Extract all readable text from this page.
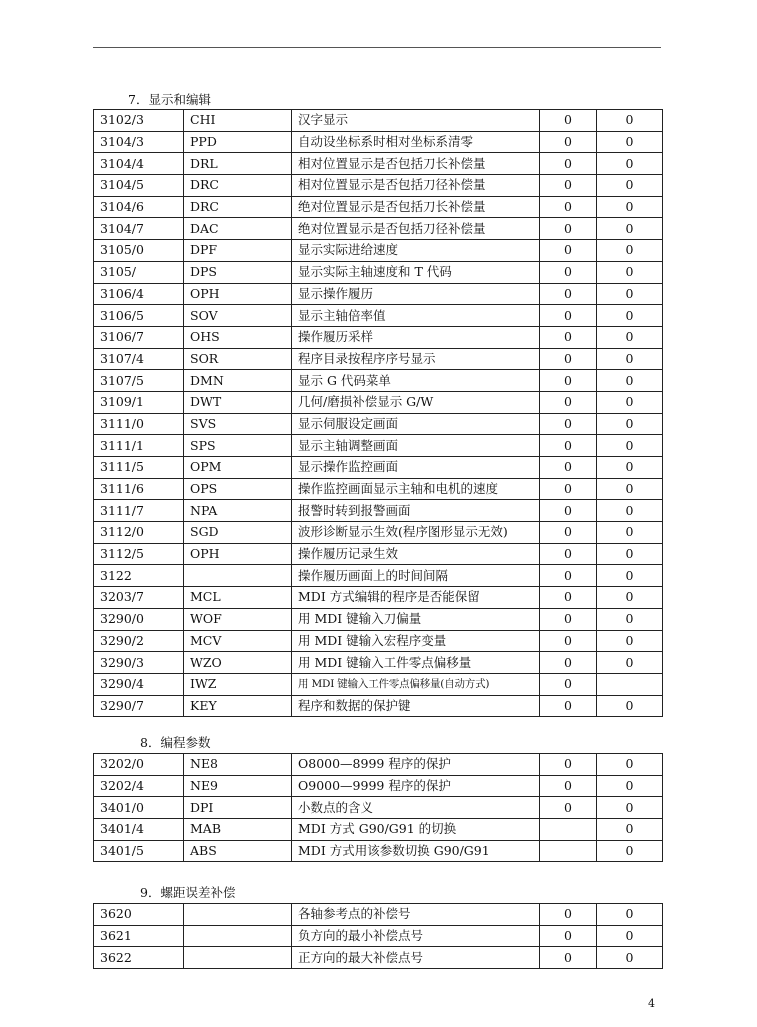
7．显示和编辑
3102/3	CHI	汉字显示	0	0
3104/3	PPD	自动设坐标系时相对坐标系清零	0	0
3104/4	DRL	相对位置显示是否包括刀长补偿量	0	0
3104/5	DRC	相对位置显示是否包括刀径补偿量	0	0
3104/6	DRC	绝对位置显示是否包括刀长补偿量	0	0
3104/7	DAC	绝对位置显示是否包括刀径补偿量	0	0
3105/0	DPF	显示实际进给速度	0	0
3105/	DPS	显示实际主轴速度和 T 代码	0	0
3106/4	OPH	显示操作履历	0	0
3106/5	SOV	显示主轴倍率值	0	0
3106/7	OHS	操作履历采样	0	0
3107/4	SOR	程序目录按程序序号显示	0	0
3107/5	DMN	显示 G 代码菜单	0	0
3109/1	DWT	几何/磨损补偿显示 G/W	0	0
3111/0	SVS	显示伺服设定画面	0	0
3111/1	SPS	显示主轴调整画面	0	0
3111/5	OPM	显示操作监控画面	0	0
3111/6	OPS	操作监控画面显示主轴和电机的速度	0	0
3111/7	NPA	报警时转到报警画面	0	0
3112/0	SGD	波形诊断显示生效(程序图形显示无效)	0	0
3112/5	OPH	操作履历记录生效	0	0
3122		操作履历画面上的时间间隔	0	0
3203/7	MCL	MDI 方式编辑的程序是否能保留	0	0
3290/0	WOF	用 MDI 键输入刀偏量	0	0
3290/2	MCV	用 MDI 键输入宏程序变量	0	0
3290/3	WZO	用 MDI 键输入工件零点偏移量	0	0
3290/4	IWZ	用 MDI 键输入工件零点偏移量(自动方式)	0	
3290/7	KEY	程序和数据的保护键	0	0
8．编程参数
3202/0	NE8	O8000—8999 程序的保护	0	0
3202/4	NE9	O9000—9999 程序的保护	0	0
3401/0	DPI	小数点的含义	0	0
3401/4	MAB	MDI 方式 G90/G91 的切换		0
3401/5	ABS	MDI 方式用该参数切换 G90/G91		0
9．螺距误差补偿
3620		各轴参考点的补偿号	0	0
3621		负方向的最小补偿点号	0	0
3622		正方向的最大补偿点号	0	0
4
